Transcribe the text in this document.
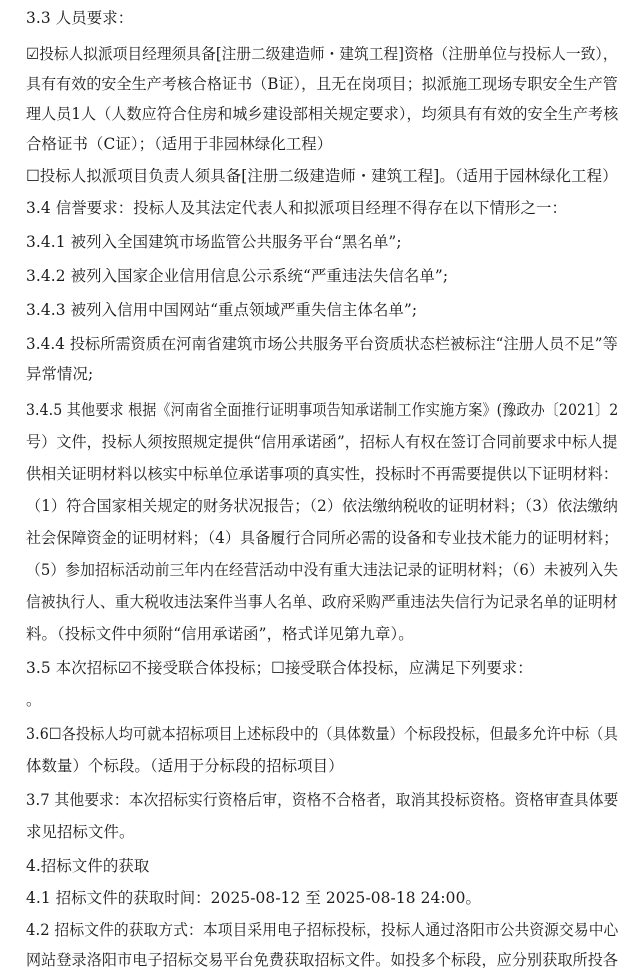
3.3 人员要求：
☑投标人拟派项目经理须具备[注册二级建造师・建筑工程]资格（注册单位与投标人一致），
具有有效的安全生产考核合格证书（B证），且无在岗项目；拟派施工现场专职安全生产管
理人员1人（人数应符合住房和城乡建设部相关规定要求），均须具有有效的安全生产考核
合格证书（C证）；（适用于非园林绿化工程）
☐投标人拟派项目负责人须具备[注册二级建造师・建筑工程]。（适用于园林绿化工程）
3.4 信誉要求：投标人及其法定代表人和拟派项目经理不得存在以下情形之一：
3.4.1 被列入全国建筑市场监管公共服务平台“黑名单”;
3.4.2 被列入国家企业信用信息公示系统“严重违法失信名单”;
3.4.3 被列入信用中国网站“重点领域严重失信主体名单”;
3.4.4 投标所需资质在河南省建筑市场公共服务平台资质状态栏被标注“注册人员不足”等
异常情况;
3.4.5 其他要求 根据《河南省全面推行证明事项告知承诺制工作实施方案》(豫政办〔2021〕2
号）文件，投标人须按照规定提供“信用承诺函”，招标人有权在签订合同前要求中标人提
供相关证明材料以核实中标单位承诺事项的真实性，投标时不再需要提供以下证明材料：
（1）符合国家相关规定的财务状况报告；（2）依法缴纳税收的证明材料；（3）依法缴纳
社会保障资金的证明材料；（4）具备履行合同所必需的设备和专业技术能力的证明材料；
（5）参加招标活动前三年内在经营活动中没有重大违法记录的证明材料；（6）未被列入失
信被执行人、重大税收违法案件当事人名单、政府采购严重违法失信行为记录名单的证明材
料。（投标文件中须附“信用承诺函”，格式详见第九章）。
3.5 本次招标☑不接受联合体投标；☐接受联合体投标，应满足下列要求：
。
3.6☐各投标人均可就本招标项目上述标段中的（具体数量）个标段投标，但最多允许中标（具
体数量）个标段。（适用于分标段的招标项目）
3.7 其他要求：本次招标实行资格后审，资格不合格者，取消其投标资格。资格审查具体要
求见招标文件。
4.招标文件的获取
4.1 招标文件的获取时间：2025-08-12 至 2025-08-18 24:00。
4.2 招标文件的获取方式：本项目采用电子招标投标，投标人通过洛阳市公共资源交易中心
网站登录洛阳市电子招标交易平台免费获取招标文件。如投多个标段，应分别获取所投各
